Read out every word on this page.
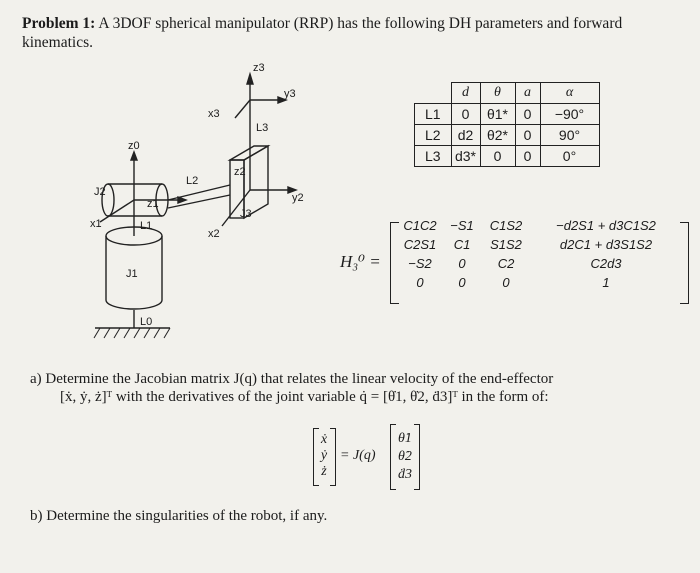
Problem 1: A 3DOF spherical manipulator (RRP) has the following DH parameters and forward
kinematics.
z3
y3
x3
L3
z0
L2
z2
y2
J2
z1
J3
x1	L1
x2
J1
L0
	d	θ	a	α
L1	0	θ1*	0	−90°
L2	d2	θ2*	0	90°
L3	d3*	0	0	0°
H₃⁰ =
C1C2	−S1	C1S2	−d2S1 + d3C1S2
C2S1	C1	S1S2	d2C1 + d3S1S2
−S2	0	C2	C2d3
0	0	0	1
a) Determine the Jacobian matrix J(q) that relates the linear velocity of the end-effector
[ẋ, ẏ, ż]ᵀ with the derivatives of the joint variable q̇ = [θ̇1, θ̇2, ḋ3]ᵀ in the form of:
ẋ
ẏ
ż
= J(q)
θ̇1
θ̇2
ḋ3
b) Determine the singularities of the robot, if any.
